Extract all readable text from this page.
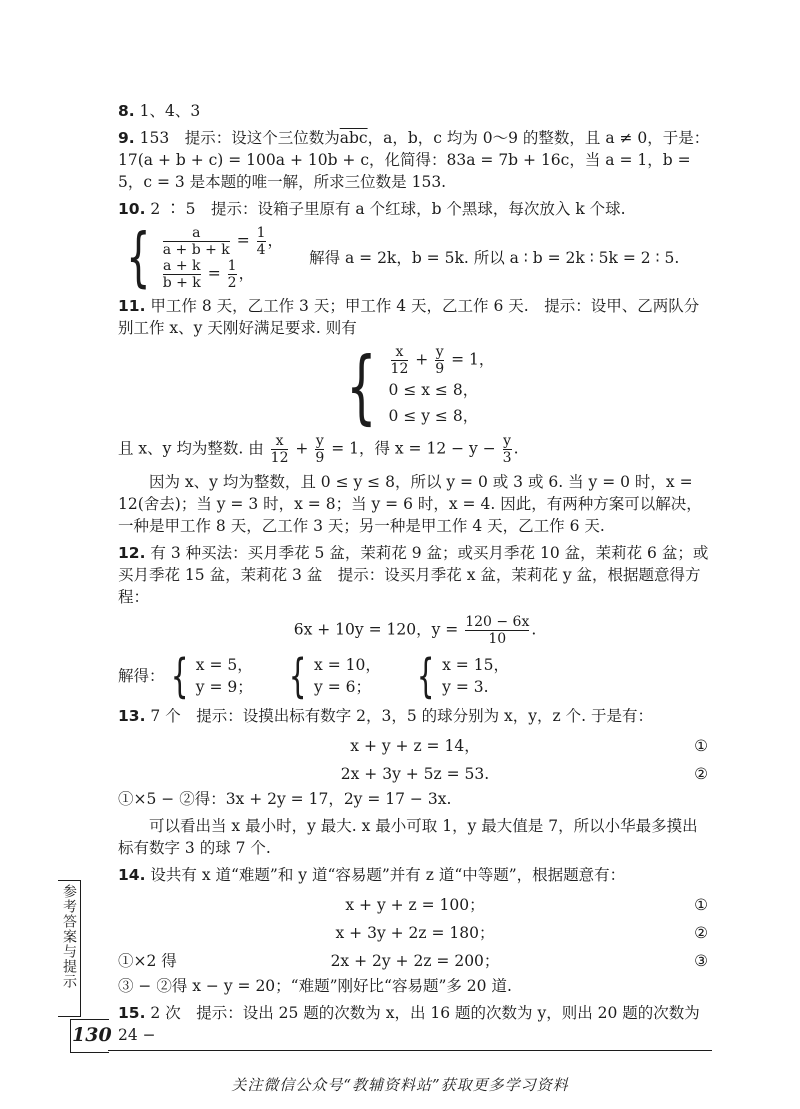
8. 1、4、3

9. 153　提示：设这个三位数为$\overline{abc}$，a，b，c 均为 0～9 的整数，且 a ≠ 0，于是： 17(a + b + c) = 100a + 10b + c，化简得：83a = 7b + 16c，当 a = 1，b = 5，c = 3 是本题的唯一解，所求三位数是 153.

10. 2 ∶ 5　提示：设箱子里原有 a 个红球，b 个黑球，每次放入 k 个球.

{ $\frac{a}{a + b + k} = \frac{1}{4}$ ，
$\frac{a + k}{b + k} = \frac{1}{2}$ ，
解得 a = 2k，b = 5k. 所以 a ∶ b = 2k ∶ 5k = 2 ∶ 5.

11. 甲工作 8 天，乙工作 3 天；甲工作 4 天，乙工作 6 天.　提示：设甲、乙两队分别工作 x、y 天刚好满足要求. 则有

{ $\frac{x}{12} + \frac{y}{9} = 1$，
0 ≤ x ≤ 8，
0 ≤ y ≤ 8，

且 x、y 均为整数. 由 $\frac{x}{12} + \frac{y}{9} = 1$，得 $x = 12 - y - \frac{y}{3}$ .

因为 x、y 均为整数，且 0 ≤ y ≤ 8，所以 y = 0 或 3 或 6. 当 y = 0 时，x = 12(舍去)；当 y = 3 时，x = 8；当 y = 6 时，x = 4. 因此，有两种方案可以解决，一种是甲工作 8 天，乙工作 3 天；另一种是甲工作 4 天，乙工作 6 天.

12. 有 3 种买法：买月季花 5 盆，茉莉花 9 盆；或买月季花 10 盆，茉莉花 6 盆；或买月季花 15 盆，茉莉花 3 盆　提示：设买月季花 x 盆，茉莉花 y 盆，根据题意得方程：

6x + 10y = 120，$y = \frac{120 - 6x}{10}$ .
解得： { x = 5，
y = 9； { x = 10，
y = 6； { x = 15，
y = 3.

13. 7 个　提示：设摸出标有数字 2，3，5 的球分别为 x，y，z 个. 于是有：

x + y + z = 14，	①
2x + 3y + 5z = 53.	②

①×5 − ②得：3x + 2y = 17，2y = 17 − 3x.

可以看出当 x 最小时，y 最大. x 最小可取 1，y 最大值是 7，所以小华最多摸出标有数字 3 的球 7 个.

14. 设共有 x 道“难题”和 y 道“容易题”并有 z 道“中等题”，根据题意有：

x + y + z = 100；	①
x + 3y + 2z = 180；	②
①×2 得	2x + 2y + 2z = 200；	③

③ − ②得 x − y = 20；“难题”刚好比“容易题”多 20 道.

15. 2 次　提示：设出 25 题的次数为 x，出 16 题的次数为 y，则出 20 题的次数为 24 −

参考答案与提示
130
关注微信公众号“教辅资料站”获取更多学习资料
